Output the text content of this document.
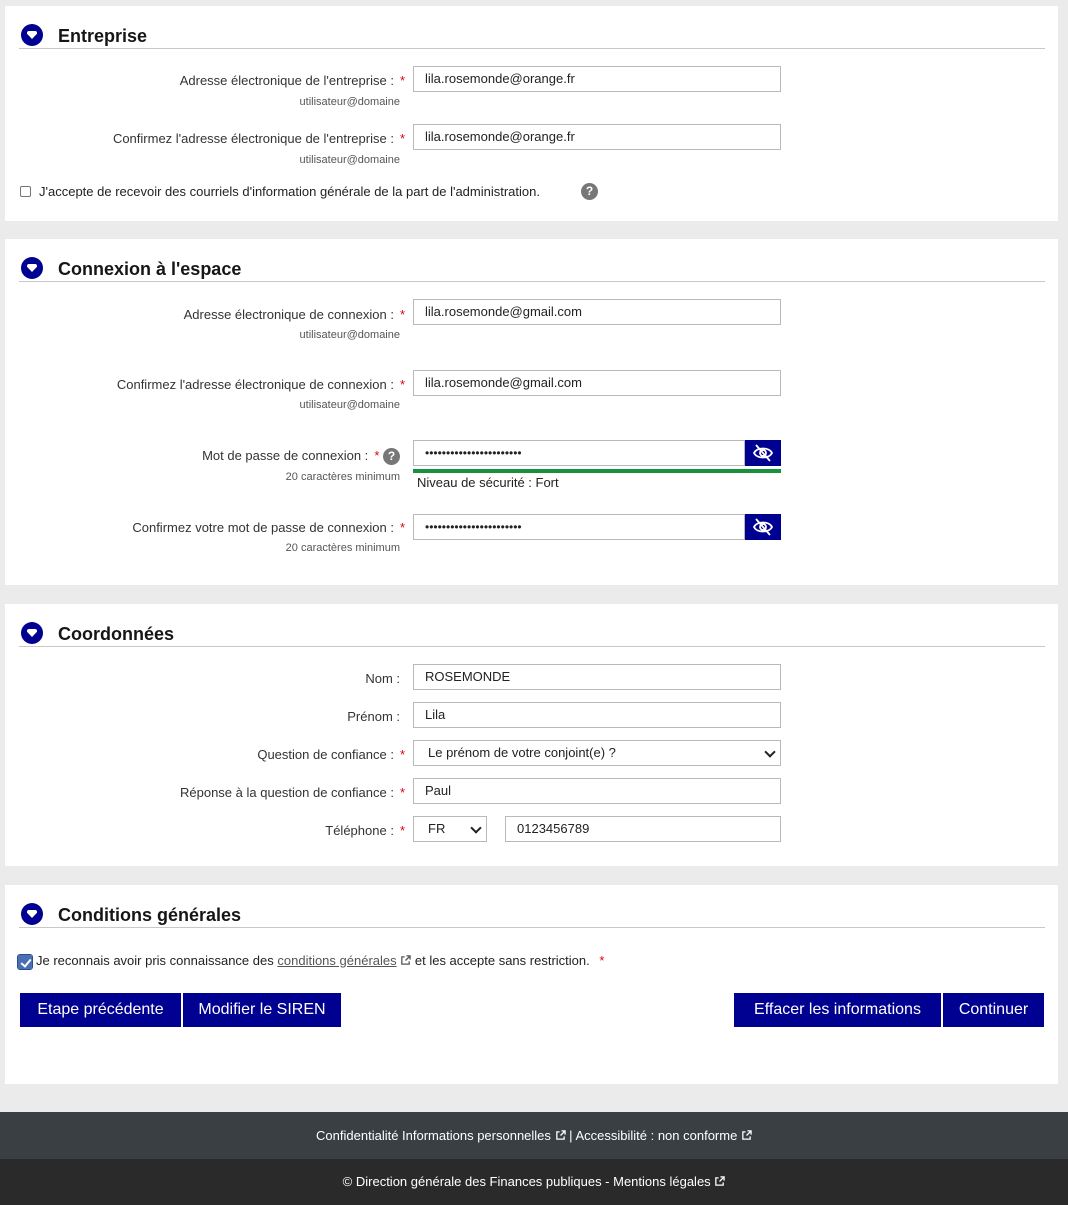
Entreprise
Adresse électronique de l'entreprise : *
utilisateur@domaine
lila.rosemonde@orange.fr
Confirmez l'adresse électronique de l'entreprise : *
utilisateur@domaine
lila.rosemonde@orange.fr
J'accepte de recevoir des courriels d'information générale de la part de l'administration.	?
Connexion à l'espace
Adresse électronique de connexion : *
utilisateur@domaine
lila.rosemonde@gmail.com
Confirmez l'adresse électronique de connexion : *
utilisateur@domaine
lila.rosemonde@gmail.com
Mot de passe de connexion : * ?
20 caractères minimum
•••••••••••••••••••••••
Niveau de sécurité : Fort
Confirmez votre mot de passe de connexion : *
20 caractères minimum
•••••••••••••••••••••••
Coordonnées
Nom :	ROSEMONDE
Prénom :	Lila
Question de confiance : *	Le prénom de votre conjoint(e) ?
Réponse à la question de confiance : *	Paul
Téléphone : *	FR	0123456789
Conditions générales
Je reconnais avoir pris connaissance des conditions générales et les accepte sans restriction. *
Etape précédente	Modifier le SIREN	Effacer les informations	Continuer
Confidentialité Informations personnelles | Accessibilité : non conforme
© Direction générale des Finances publiques - Mentions légales
